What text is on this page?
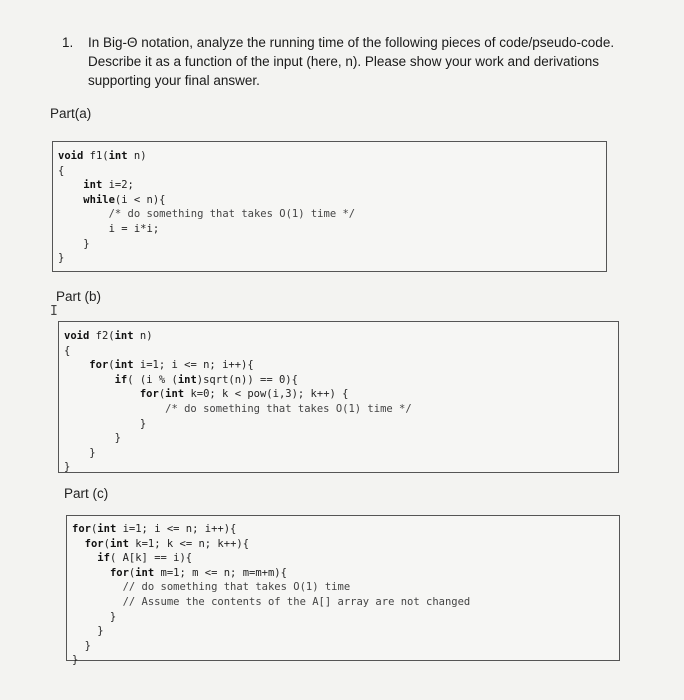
1.	In Big-Θ notation, analyze the running time of the following pieces of code/pseudo-code. Describe it as a function of the input (here, n). Please show your work and derivations supporting your final answer.
Part(a)
void f1(int n)
{
int i=2;
while(i < n){
/* do something that takes O(1) time */
i = i*i;
}
}
Part (b)
I
void f2(int n)
{
for(int i=1; i <= n; i++){
if( (i % (int)sqrt(n)) == 0){
for(int k=0; k < pow(i,3); k++) {
/* do something that takes O(1) time */
}
}
}
}
Part (c)
for(int i=1; i <= n; i++){
for(int k=1; k <= n; k++){
if( A[k] == i){
for(int m=1; m <= n; m=m+m){
// do something that takes O(1) time
// Assume the contents of the A[] array are not changed
}
}
}
}
